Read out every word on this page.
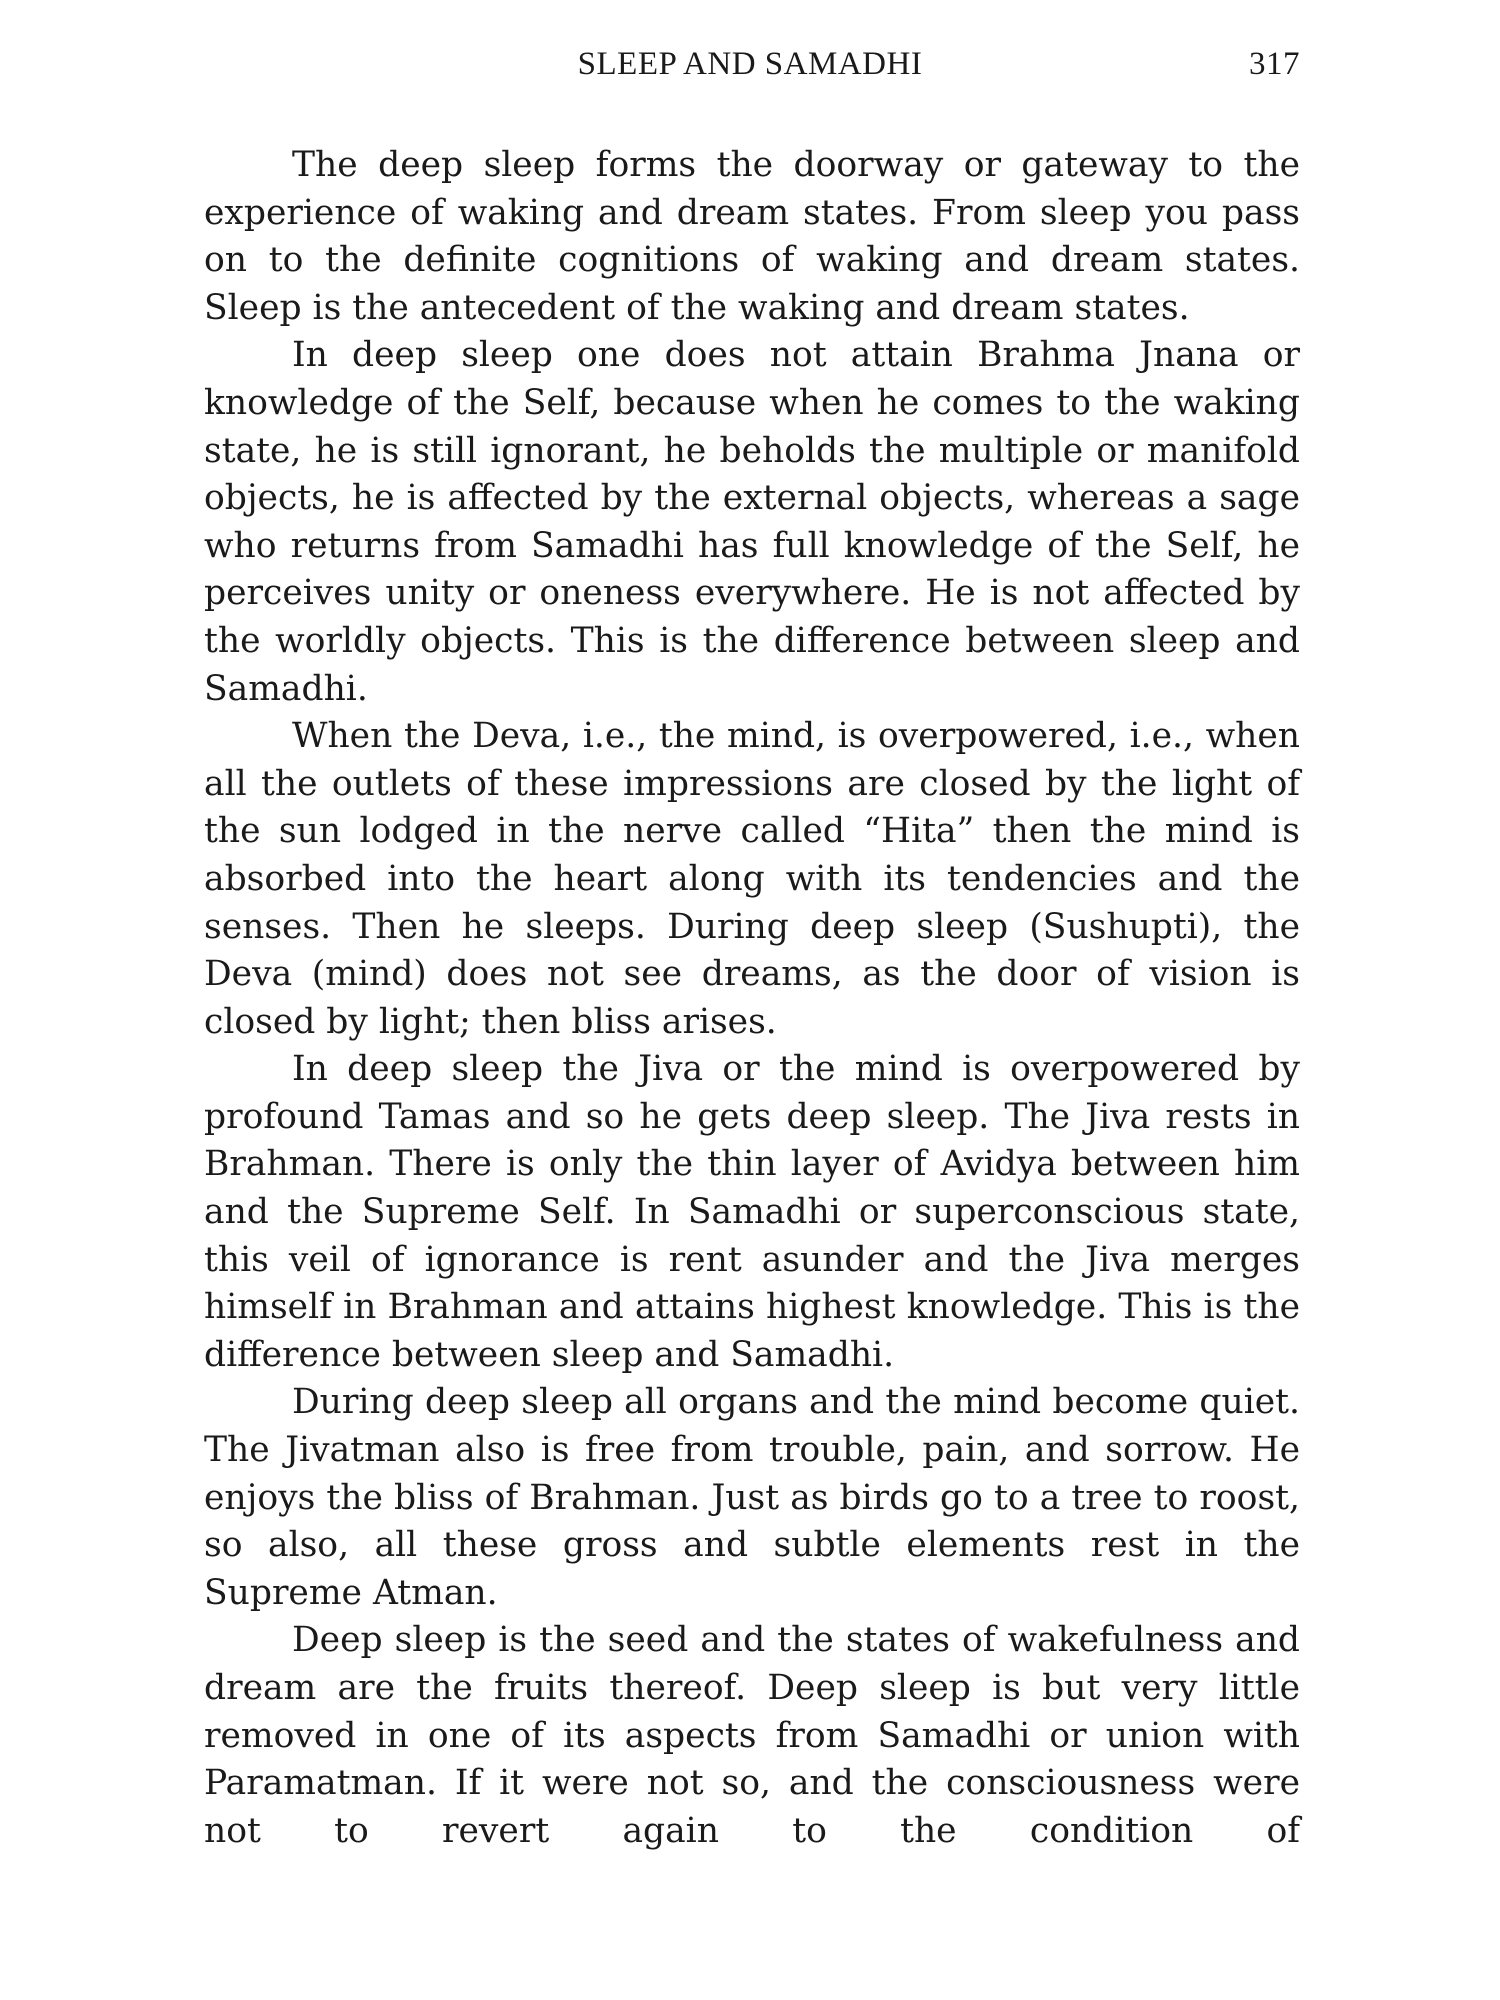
SLEEP AND SAMADHI	317

The deep sleep forms the doorway or gateway to the experience of waking and dream states. From sleep you pass on to the definite cognitions of waking and dream states. Sleep is the antecedent of the waking and dream states.

In deep sleep one does not attain Brahma Jnana or knowledge of the Self, because when he comes to the waking state, he is still ignorant, he beholds the multiple or manifold objects, he is affected by the external objects, whereas a sage who returns from Samadhi has full knowledge of the Self, he perceives unity or oneness everywhere. He is not affected by the worldly objects. This is the difference between sleep and Samadhi.

When the Deva, i.e., the mind, is overpowered, i.e., when all the outlets of these impressions are closed by the light of the sun lodged in the nerve called “Hita” then the mind is absorbed into the heart along with its tendencies and the senses. Then he sleeps. During deep sleep (Sushupti), the Deva (mind) does not see dreams, as the door of vision is closed by light; then bliss arises.

In deep sleep the Jiva or the mind is overpowered by profound Tamas and so he gets deep sleep. The Jiva rests in Brahman. There is only the thin layer of Avidya between him and the Supreme Self. In Samadhi or superconscious state, this veil of ignorance is rent asunder and the Jiva merges himself in Brahman and attains highest knowledge. This is the difference between sleep and Samadhi.

During deep sleep all organs and the mind become quiet. The Jivatman also is free from trouble, pain, and sorrow. He enjoys the bliss of Brahman. Just as birds go to a tree to roost, so also, all these gross and subtle elements rest in the Supreme Atman.

Deep sleep is the seed and the states of wakefulness and dream are the fruits thereof. Deep sleep is but very little removed in one of its aspects from Samadhi or union with Paramatman. If it were not so, and the consciousness were not to revert again to the condition of
